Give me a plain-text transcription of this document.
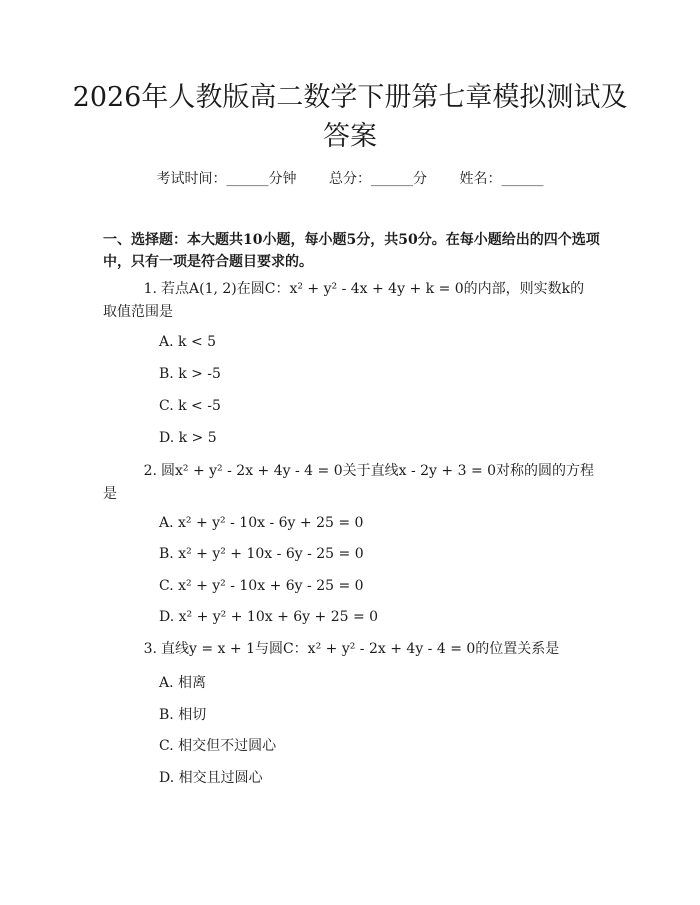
2026年人教版高二数学下册第七章模拟测试及答案
考试时间：______分钟 总分：______分 姓名：______

一、选择题：本大题共10小题，每小题5分，共50分。在每小题给出的四个选项中，只有一项是符合题目要求的。

1. 若点A(1, 2)在圆C：x² + y² - 4x + 4y + k = 0的内部，则实数k的取值范围是
A. k < 5
B. k > -5
C. k < -5
D. k > 5
2. 圆x² + y² - 2x + 4y - 4 = 0关于直线x - 2y + 3 = 0对称的圆的方程是
A. x² + y² - 10x - 6y + 25 = 0
B. x² + y² + 10x - 6y - 25 = 0
C. x² + y² - 10x + 6y - 25 = 0
D. x² + y² + 10x + 6y + 25 = 0
3. 直线y = x + 1与圆C：x² + y² - 2x + 4y - 4 = 0的位置关系是
A. 相离
B. 相切
C. 相交但不过圆心
D. 相交且过圆心
